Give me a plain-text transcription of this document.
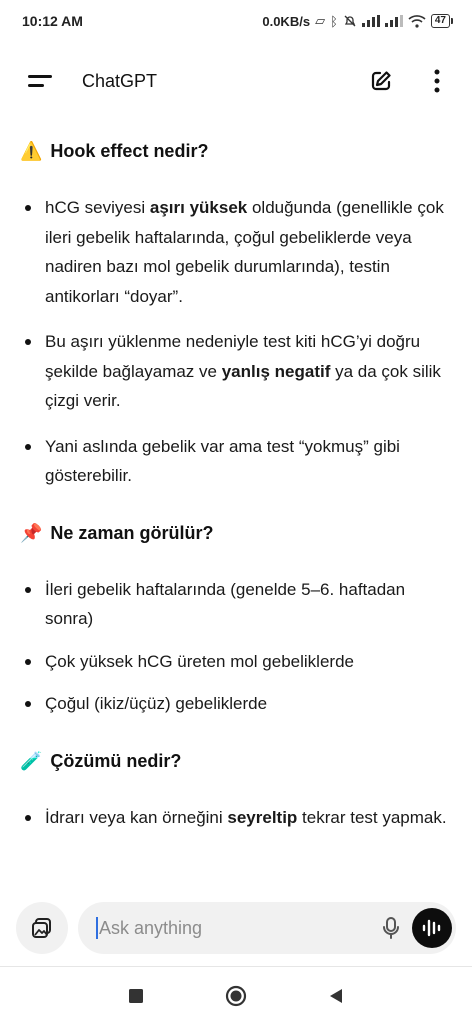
10:12 AM	0.0KB/s ▱ ᛒ	47
ChatGPT
⚠️ Hook effect nedir?
hCG seviyesi aşırı yüksek olduğunda (genellikle çok ileri gebelik haftalarında, çoğul gebeliklerde veya nadiren bazı mol gebelik durumlarında), testin antikorları “doyar”.
Bu aşırı yüklenme nedeniyle test kiti hCG’yi doğru şekilde bağlayamaz ve yanlış negatif ya da çok silik çizgi verir.
Yani aslında gebelik var ama test “yokmuş” gibi gösterebilir.
📌 Ne zaman görülür?
İleri gebelik haftalarında (genelde 5–6. haftadan sonra)
Çok yüksek hCG üreten mol gebeliklerde
Çoğul (ikiz/üçüz) gebeliklerde
🧪 Çözümü nedir?
İdrarı veya kan örneğini seyreltip tekrar test yapmak.
Ask anything
